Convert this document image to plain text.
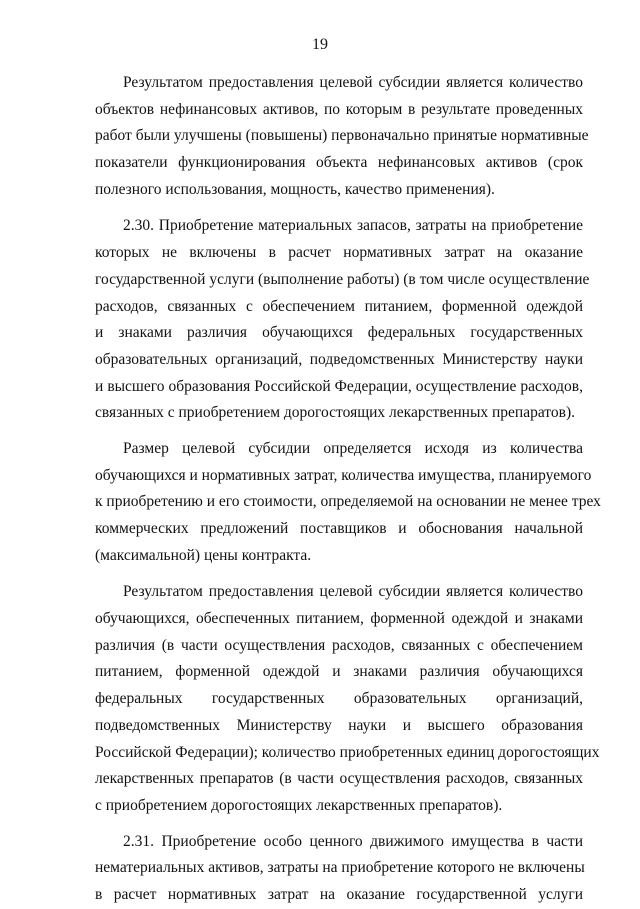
19
Результатом предоставления целевой субсидии является количество
объектов нефинансовых активов, по которым в результате проведенных
работ были улучшены (повышены) первоначально принятые нормативные
показатели функционирования объекта нефинансовых активов (срок
полезного использования, мощность, качество применения).
2.30. Приобретение материальных запасов, затраты на приобретение
которых не включены в расчет нормативных затрат на оказание
государственной услуги (выполнение работы) (в том числе осуществление
расходов, связанных с обеспечением питанием, форменной одеждой
и знаками различия обучающихся федеральных государственных
образовательных организаций, подведомственных Министерству науки
и высшего образования Российской Федерации, осуществление расходов,
связанных с приобретением дорогостоящих лекарственных препаратов).
Размер целевой субсидии определяется исходя из количества
обучающихся и нормативных затрат, количества имущества, планируемого
к приобретению и его стоимости, определяемой на основании не менее трех
коммерческих предложений поставщиков и обоснования начальной
(максимальной) цены контракта.
Результатом предоставления целевой субсидии является количество
обучающихся, обеспеченных питанием, форменной одеждой и знаками
различия (в части осуществления расходов, связанных с обеспечением
питанием, форменной одеждой и знаками различия обучающихся
федеральных государственных образовательных организаций,
подведомственных Министерству науки и высшего образования
Российской Федерации); количество приобретенных единиц дорогостоящих
лекарственных препаратов (в части осуществления расходов, связанных
с приобретением дорогостоящих лекарственных препаратов).
2.31. Приобретение особо ценного движимого имущества в части
нематериальных активов, затраты на приобретение которого не включены
в расчет нормативных затрат на оказание государственной услуги
